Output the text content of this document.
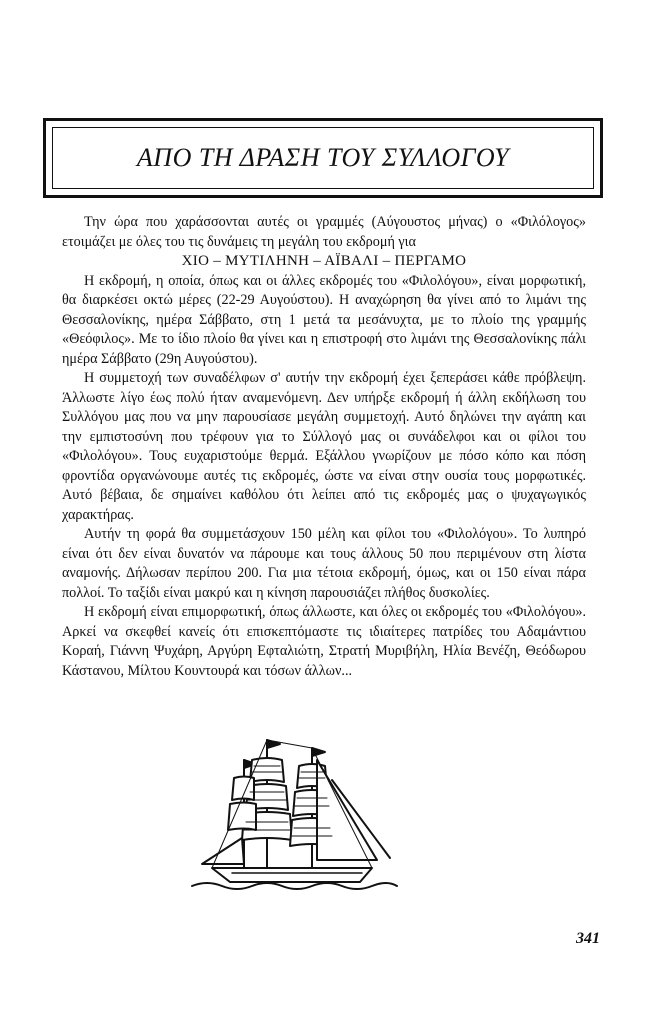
ΑΠΟ ΤΗ ΔΡΑΣΗ ΤΟΥ ΣΥΛΛΟΓΟΥ

Την ώρα που χαράσσονται αυτές οι γραμμές (Αύγουστος μήνας) ο «Φιλόλογος» ετοιμάζει με όλες του τις δυνάμεις τη μεγάλη του εκδρομή για

ΧΙΟ – ΜΥΤΙΛΗΝΗ – ΑΪΒΑΛΙ – ΠΕΡΓΑΜΟ

Η εκδρομή, η οποία, όπως και οι άλλες εκδρομές του «Φιλολόγου», είναι μορφωτική, θα διαρκέσει οκτώ μέρες (22-29 Αυγούστου). Η αναχώρηση θα γίνει από το λιμάνι της Θεσσαλονίκης, ημέρα Σάββατο, στη 1 μετά τα μεσάνυχτα, με το πλοίο της γραμμής «Θεόφιλος». Με το ίδιο πλοίο θα γίνει και η επιστροφή στο λιμάνι της Θεσσαλονίκης πάλι ημέρα Σάββατο (29η Αυγούστου).

Η συμμετοχή των συναδέλφων σ' αυτήν την εκδρομή έχει ξεπεράσει κάθε πρόβλεψη. Άλλωστε λίγο έως πολύ ήταν αναμενόμενη. Δεν υπήρξε εκδρομή ή άλλη εκδήλωση του Συλλόγου μας που να μην παρουσίασε μεγάλη συμμετοχή. Αυτό δηλώνει την αγάπη και την εμπιστοσύνη που τρέφουν για το Σύλλογό μας οι συνάδελφοι και οι φίλοι του «Φιλολόγου». Τους ευχαριστούμε θερμά. Εξάλλου γνωρίζουν με πόσο κόπο και πόση φροντίδα οργανώνουμε αυτές τις εκδρομές, ώστε να είναι στην ουσία τους μορφωτικές. Αυτό βέβαια, δε σημαίνει καθόλου ότι λείπει από τις εκδρομές μας ο ψυχαγωγικός χαρακτήρας.

Αυτήν τη φορά θα συμμετάσχουν 150 μέλη και φίλοι του «Φιλολόγου». Το λυπηρό είναι ότι δεν είναι δυνατόν να πάρουμε και τους άλλους 50 που περιμένουν στη λίστα αναμονής. Δήλωσαν περίπου 200. Για μια τέτοια εκδρομή, όμως, και οι 150 είναι πάρα πολλοί. Το ταξίδι είναι μακρύ και η κίνηση παρουσιάζει πλήθος δυσκολίες.

Η εκδρομή είναι επιμορφωτική, όπως άλλωστε, και όλες οι εκδρομές του «Φιλολόγου». Αρκεί να σκεφθεί κανείς ότι επισκεπτόμαστε τις ιδιαίτερες πατρίδες του Αδαμάντιου Κοραή, Γιάννη Ψυχάρη, Αργύρη Εφταλιώτη, Στρατή Μυριβήλη, Ηλία Βενέζη, Θεόδωρου Κάστανου, Μίλτου Κουντουρά και τόσων άλλων...

341
